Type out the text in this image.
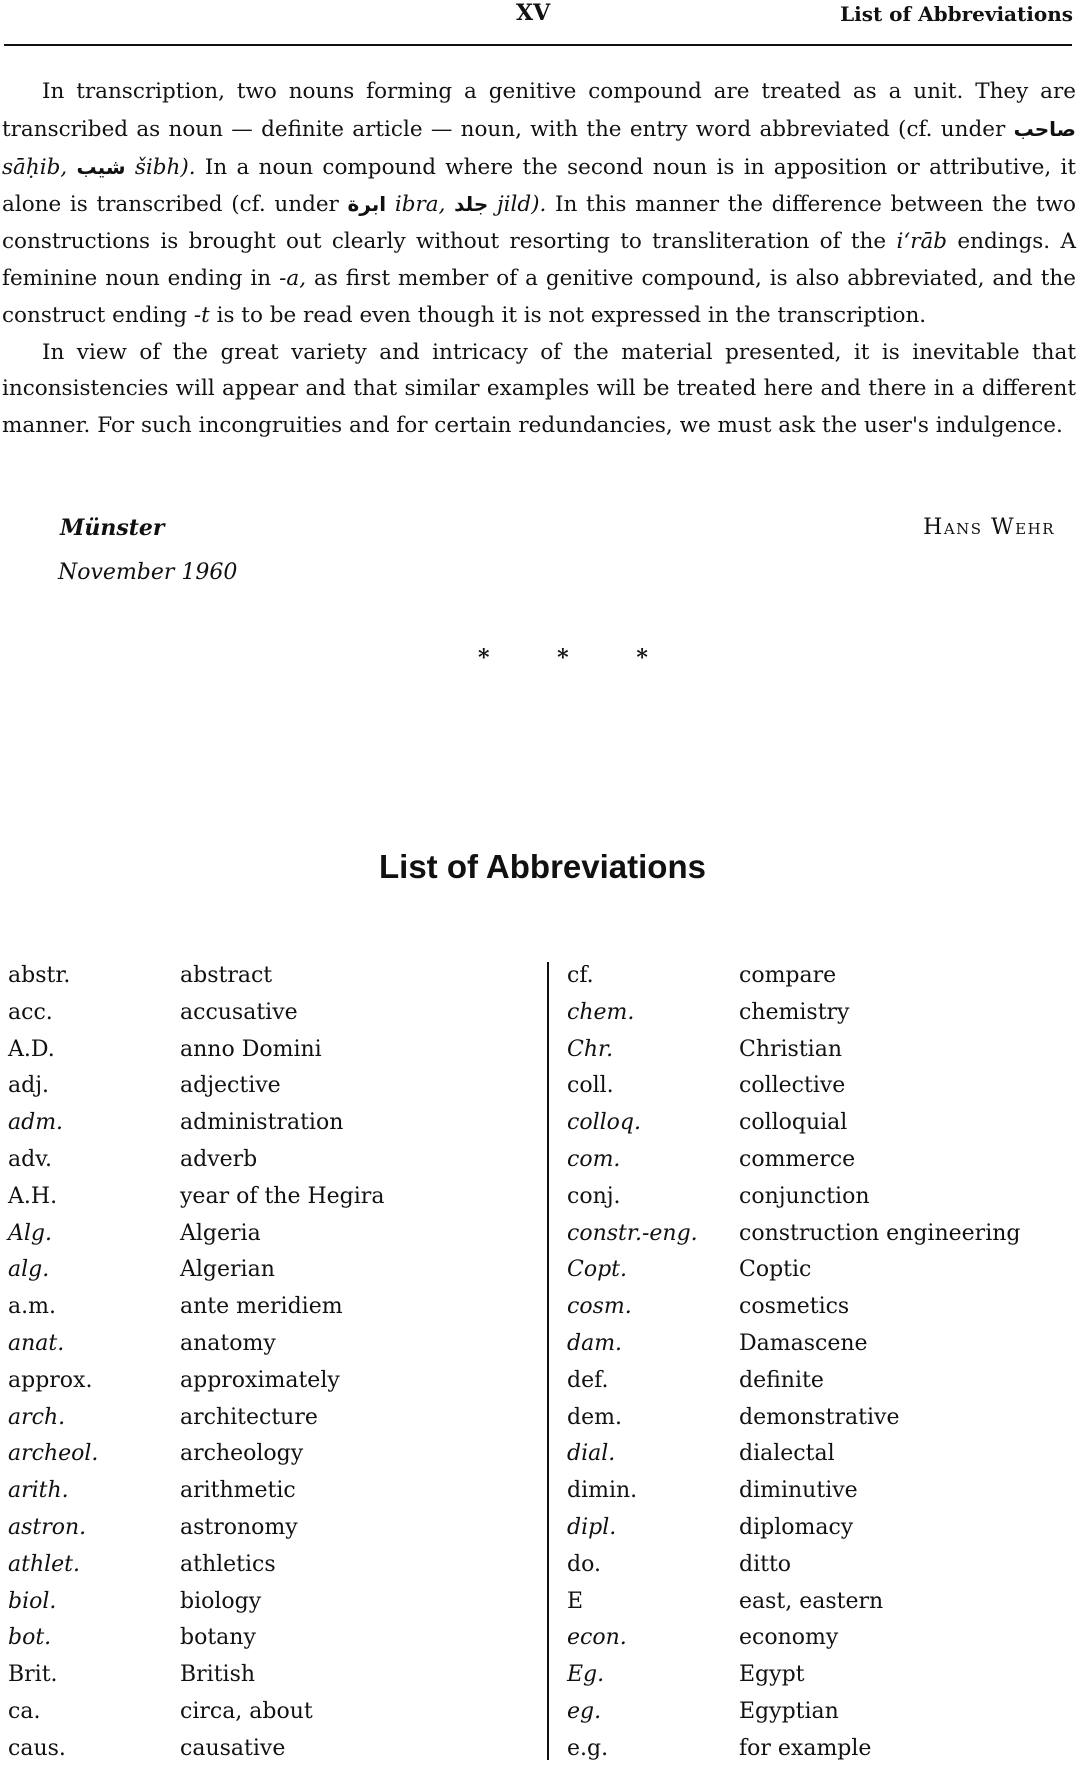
XV	List of Abbreviations

In transcription, two nouns forming a genitive compound are treated as a unit. They are transcribed as noun — definite article — noun, with the entry word abbreviated (cf. under صاحب sāḥib, شيب šibh). In a noun compound where the second noun is in apposition or attributive, it alone is transcribed (cf. under ابرة ibra, جلد jild). In this manner the difference between the two constructions is brought out clearly without resorting to transliteration of the iʻrāb endings. A feminine noun ending in -a, as first member of a genitive compound, is also abbreviated, and the construct ending -t is to be read even though it is not expressed in the transcription.

In view of the great variety and intricacy of the material presented, it is inevitable that inconsistencies will appear and that similar examples will be treated here and there in a different manner. For such incongruities and for certain redundancies, we must ask the user's indulgence.

Münster
November 1960
Hans Wehr
* * *
List of Abbreviations
abstr.	abstract
acc.	accusative
A.D.	anno Domini
adj.	adjective
adm.	administration
adv.	adverb
A.H.	year of the Hegira
Alg.	Algeria
alg.	Algerian
a.m.	ante meridiem
anat.	anatomy
approx.	approximately
arch.	architecture
archeol.	archeology
arith.	arithmetic
astron.	astronomy
athlet.	athletics
biol.	biology
bot.	botany
Brit.	British
ca.	circa, about
caus.	causative
cf.	compare
chem.	chemistry
Chr.	Christian
coll.	collective
colloq.	colloquial
com.	commerce
conj.	conjunction
constr.-eng. construction engineering
Copt.	Coptic
cosm.	cosmetics
dam.	Damascene
def.	definite
dem.	demonstrative
dial.	dialectal
dimin.	diminutive
dipl.	diplomacy
do.	ditto
E	east, eastern
econ.	economy
Eg.	Egypt
eg.	Egyptian
e.g.	for example
